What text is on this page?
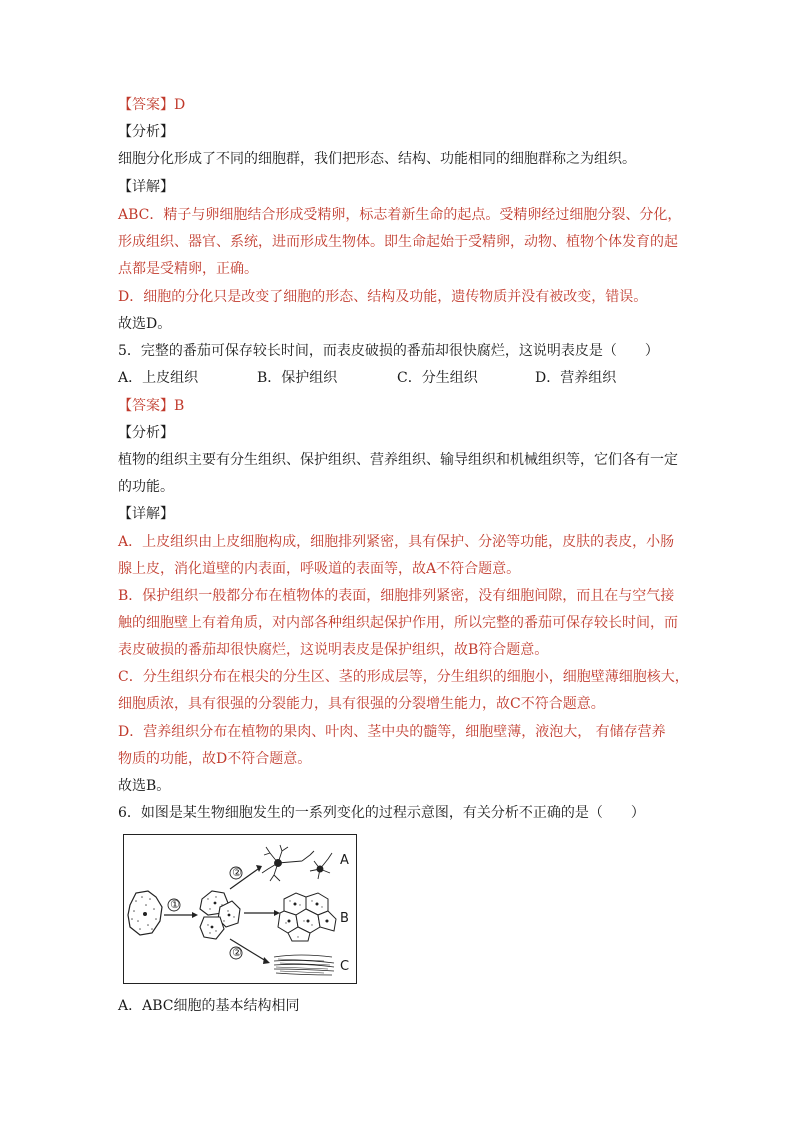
【答案】D
【分析】
细胞分化形成了不同的细胞群，我们把形态、结构、功能相同的细胞群称之为组织。
【详解】
ABC．精子与卵细胞结合形成受精卵，标志着新生命的起点。受精卵经过细胞分裂、分化，
形成组织、器官、系统，进而形成生物体。即生命起始于受精卵，动物、植物个体发育的起
点都是受精卵，正确。
D．细胞的分化只是改变了细胞的形态、结构及功能，遗传物质并没有被改变，错误。
故选D。
5．完整的番茄可保存较长时间，而表皮破损的番茄却很快腐烂，这说明表皮是（　　）
A．上皮组织	B．保护组织	C．分生组织	D．营养组织
【答案】B
【分析】
植物的组织主要有分生组织、保护组织、营养组织、输导组织和机械组织等，它们各有一定
的功能。
【详解】
A．上皮组织由上皮细胞构成，细胞排列紧密，具有保护、分泌等功能，皮肤的表皮，小肠
腺上皮，消化道壁的内表面，呼吸道的表面等，故A不符合题意。
B．保护组织一般都分布在植物体的表面，细胞排列紧密，没有细胞间隙，而且在与空气接
触的细胞壁上有着角质，对内部各种组织起保护作用，所以完整的番茄可保存较长时间，而
表皮破损的番茄却很快腐烂，这说明表皮是保护组织，故B符合题意。
C．分生组织分布在根尖的分生区、茎的形成层等，分生组织的细胞小，细胞壁薄细胞核大，
细胞质浓，具有很强的分裂能力，具有很强的分裂增生能力，故C不符合题意。
D．营养组织分布在植物的果肉、叶肉、茎中央的髓等，细胞壁薄，液泡大， 有储存营养
物质的功能，故D不符合题意。
故选B。
6．如图是某生物细胞发生的一系列变化的过程示意图，有关分析不正确的是（　　）
①
②
②
A
B
C
A．ABC细胞的基本结构相同
